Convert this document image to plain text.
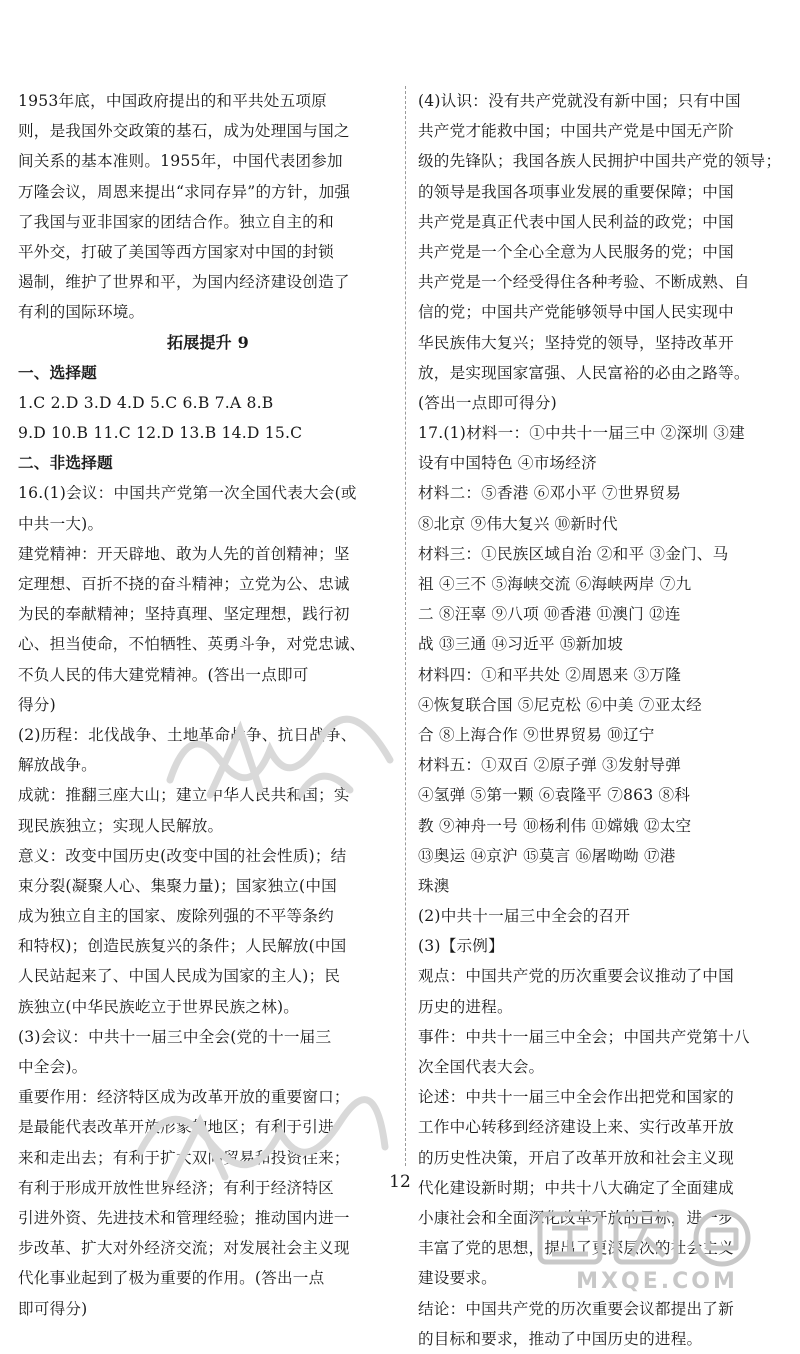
1953年底，中国政府提出的和平共处五项原
则，是我国外交政策的基石，成为处理国与国之
间关系的基本准则。1955年，中国代表团参加
万隆会议，周恩来提出“求同存异”的方针，加强
了我国与亚非国家的团结合作。独立自主的和
平外交，打破了美国等西方国家对中国的封锁
遏制，维护了世界和平，为国内经济建设创造了
有利的国际环境。
拓展提升 9
一、选择题
1.C 2.D 3.D 4.D 5.C 6.B 7.A 8.B
9.D 10.B 11.C 12.D 13.B 14.D 15.C
二、非选择题
16.(1)会议：中国共产党第一次全国代表大会(或
中共一大)。
建党精神：开天辟地、敢为人先的首创精神；坚
定理想、百折不挠的奋斗精神；立党为公、忠诚
为民的奉献精神；坚持真理、坚定理想，践行初
心、担当使命，不怕牺牲、英勇斗争，对党忠诚、
不负人民的伟大建党精神。(答出一点即可
得分)
(2)历程：北伐战争、土地革命战争、抗日战争、
解放战争。
成就：推翻三座大山；建立中华人民共和国；实
现民族独立；实现人民解放。
意义：改变中国历史(改变中国的社会性质)；结
束分裂(凝聚人心、集聚力量)；国家独立(中国
成为独立自主的国家、废除列强的不平等条约
和特权)；创造民族复兴的条件；人民解放(中国
人民站起来了、中国人民成为国家的主人)；民
族独立(中华民族屹立于世界民族之林)。
(3)会议：中共十一届三中全会(党的十一届三
中全会)。
重要作用：经济特区成为改革开放的重要窗口；
是最能代表改革开放形象的地区；有利于引进
来和走出去；有利于扩大双向贸易和投资往来；
有利于形成开放性世界经济；有利于经济特区
引进外资、先进技术和管理经验；推动国内进一
步改革、扩大对外经济交流；对发展社会主义现
代化事业起到了极为重要的作用。(答出一点
即可得分)
(4)认识：没有共产党就没有新中国；只有中国
共产党才能救中国；中国共产党是中国无产阶
级的先锋队；我国各族人民拥护中国共产党的领导；
的领导是我国各项事业发展的重要保障；中国
共产党是真正代表中国人民利益的政党；中国
共产党是一个全心全意为人民服务的党；中国
共产党是一个经受得住各种考验、不断成熟、自
信的党；中国共产党能够领导中国人民实现中
华民族伟大复兴；坚持党的领导，坚持改革开
放，是实现国家富强、人民富裕的必由之路等。
(答出一点即可得分)
17.(1)材料一：①中共十一届三中 ②深圳 ③建
设有中国特色 ④市场经济
材料二：⑤香港 ⑥邓小平 ⑦世界贸易
⑧北京 ⑨伟大复兴 ⑩新时代
材料三：①民族区域自治 ②和平 ③金门、马
祖 ④三不 ⑤海峡交流 ⑥海峡两岸 ⑦九
二 ⑧汪辜 ⑨八项 ⑩香港 ⑪澳门 ⑫连
战 ⑬三通 ⑭习近平 ⑮新加坡
材料四：①和平共处 ②周恩来 ③万隆
④恢复联合国 ⑤尼克松 ⑥中美 ⑦亚太经
合 ⑧上海合作 ⑨世界贸易 ⑩辽宁
材料五：①双百 ②原子弹 ③发射导弹
④氢弹 ⑤第一颗 ⑥袁隆平 ⑦863 ⑧科
教 ⑨神舟一号 ⑩杨利伟 ⑪嫦娥 ⑫太空
⑬奥运 ⑭京沪 ⑮莫言 ⑯屠呦呦 ⑰港
珠澳
(2)中共十一届三中全会的召开
(3)【示例】
观点：中国共产党的历次重要会议推动了中国
历史的进程。
事件：中共十一届三中全会；中国共产党第十八
次全国代表大会。
论述：中共十一届三中全会作出把党和国家的
工作中心转移到经济建设上来、实行改革开放
的历史性决策，开启了改革开放和社会主义现
代化建设新时期；中共十八大确定了全面建成
小康社会和全面深化改革开放的目标，进一步
丰富了党的思想，提出了更深层次的社会主义
建设要求。
结论：中国共产党的历次重要会议都提出了新
的目标和要求，推动了中国历史的进程。
12
MXQE.COM
